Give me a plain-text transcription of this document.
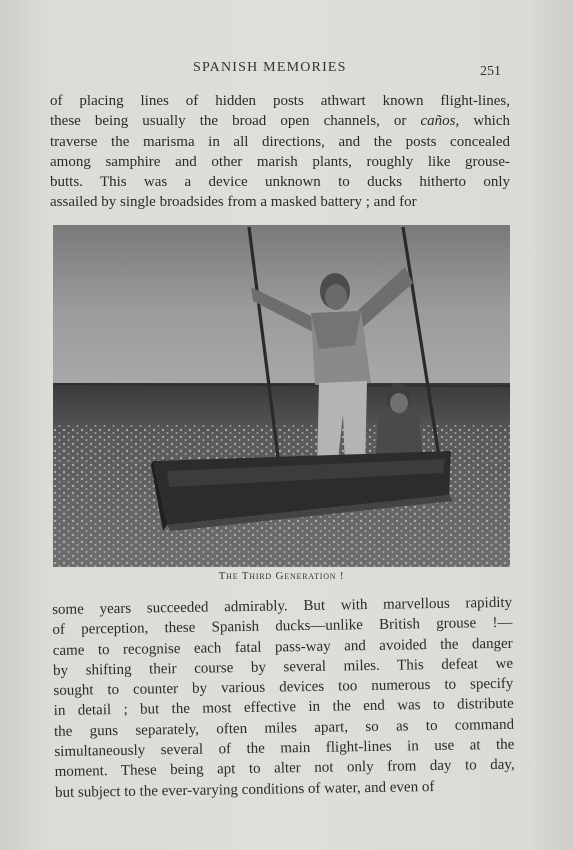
SPANISH MEMORIES	251
of placing lines of hidden posts athwart known flight-lines,
these being usually the broad open channels, or caños, which
traverse the marisma in all directions, and the posts concealed
among samphire and other marish plants, roughly like grouse-
butts. This was a device unknown to ducks hitherto only
assailed by single broadsides from a masked battery ; and for
The Third Generation !
some years succeeded admirably. But with marvellous rapidity
of perception, these Spanish ducks—unlike British grouse !—
came to recognise each fatal pass-way and avoided the danger
by shifting their course by several miles. This defeat we
sought to counter by various devices too numerous to specify
in detail ; but the most effective in the end was to distribute
the guns separately, often miles apart, so as to command
simultaneously several of the main flight-lines in use at the
moment. These being apt to alter not only from day to day,
but subject to the ever-varying conditions of water, and even of
